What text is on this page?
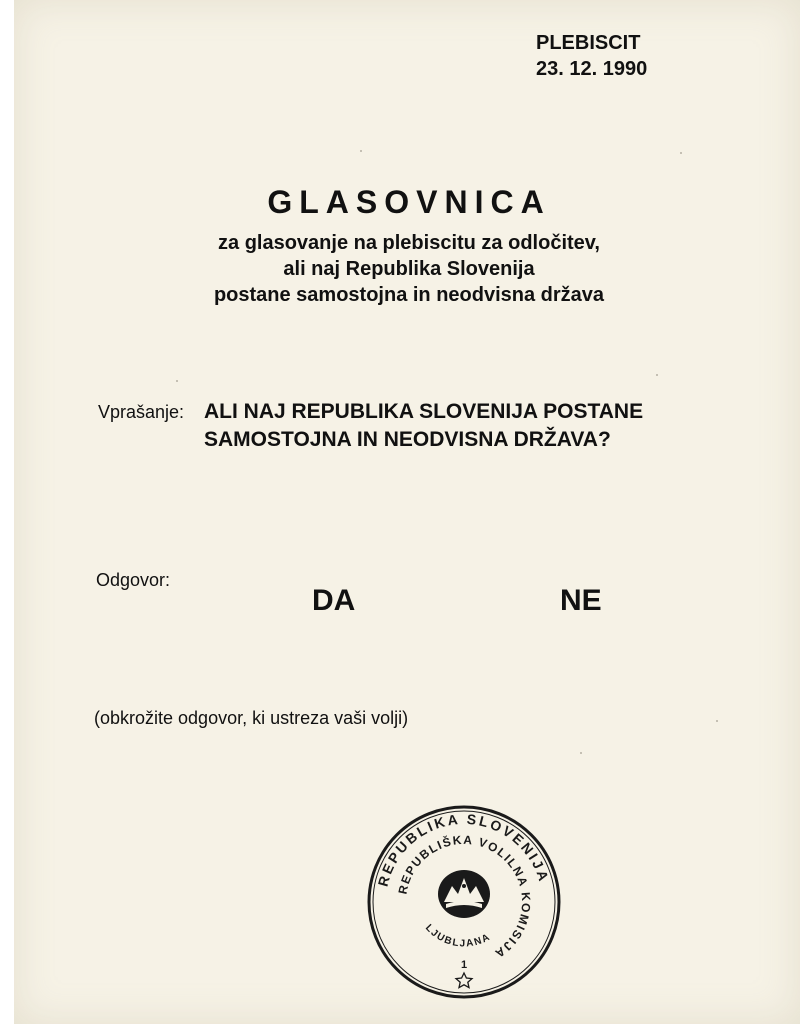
PLEBISCIT
23. 12. 1990
GLASOVNICA
za glasovanje na plebiscitu za odločitev,
ali naj Republika Slovenija
postane samostojna in neodvisna država
Vprašanje: ALI NAJ REPUBLIKA SLOVENIJA POSTANE
SAMOSTOJNA IN NEODVISNA DRŽAVA?
Odgovor:
DA	NE
(obkrožite odgovor, ki ustreza vaši volji)
REPUBLIKA SLOVENIJA
REPUBLIŠKA VOLILNA KOMISIJA
LJUBLJANA
1
